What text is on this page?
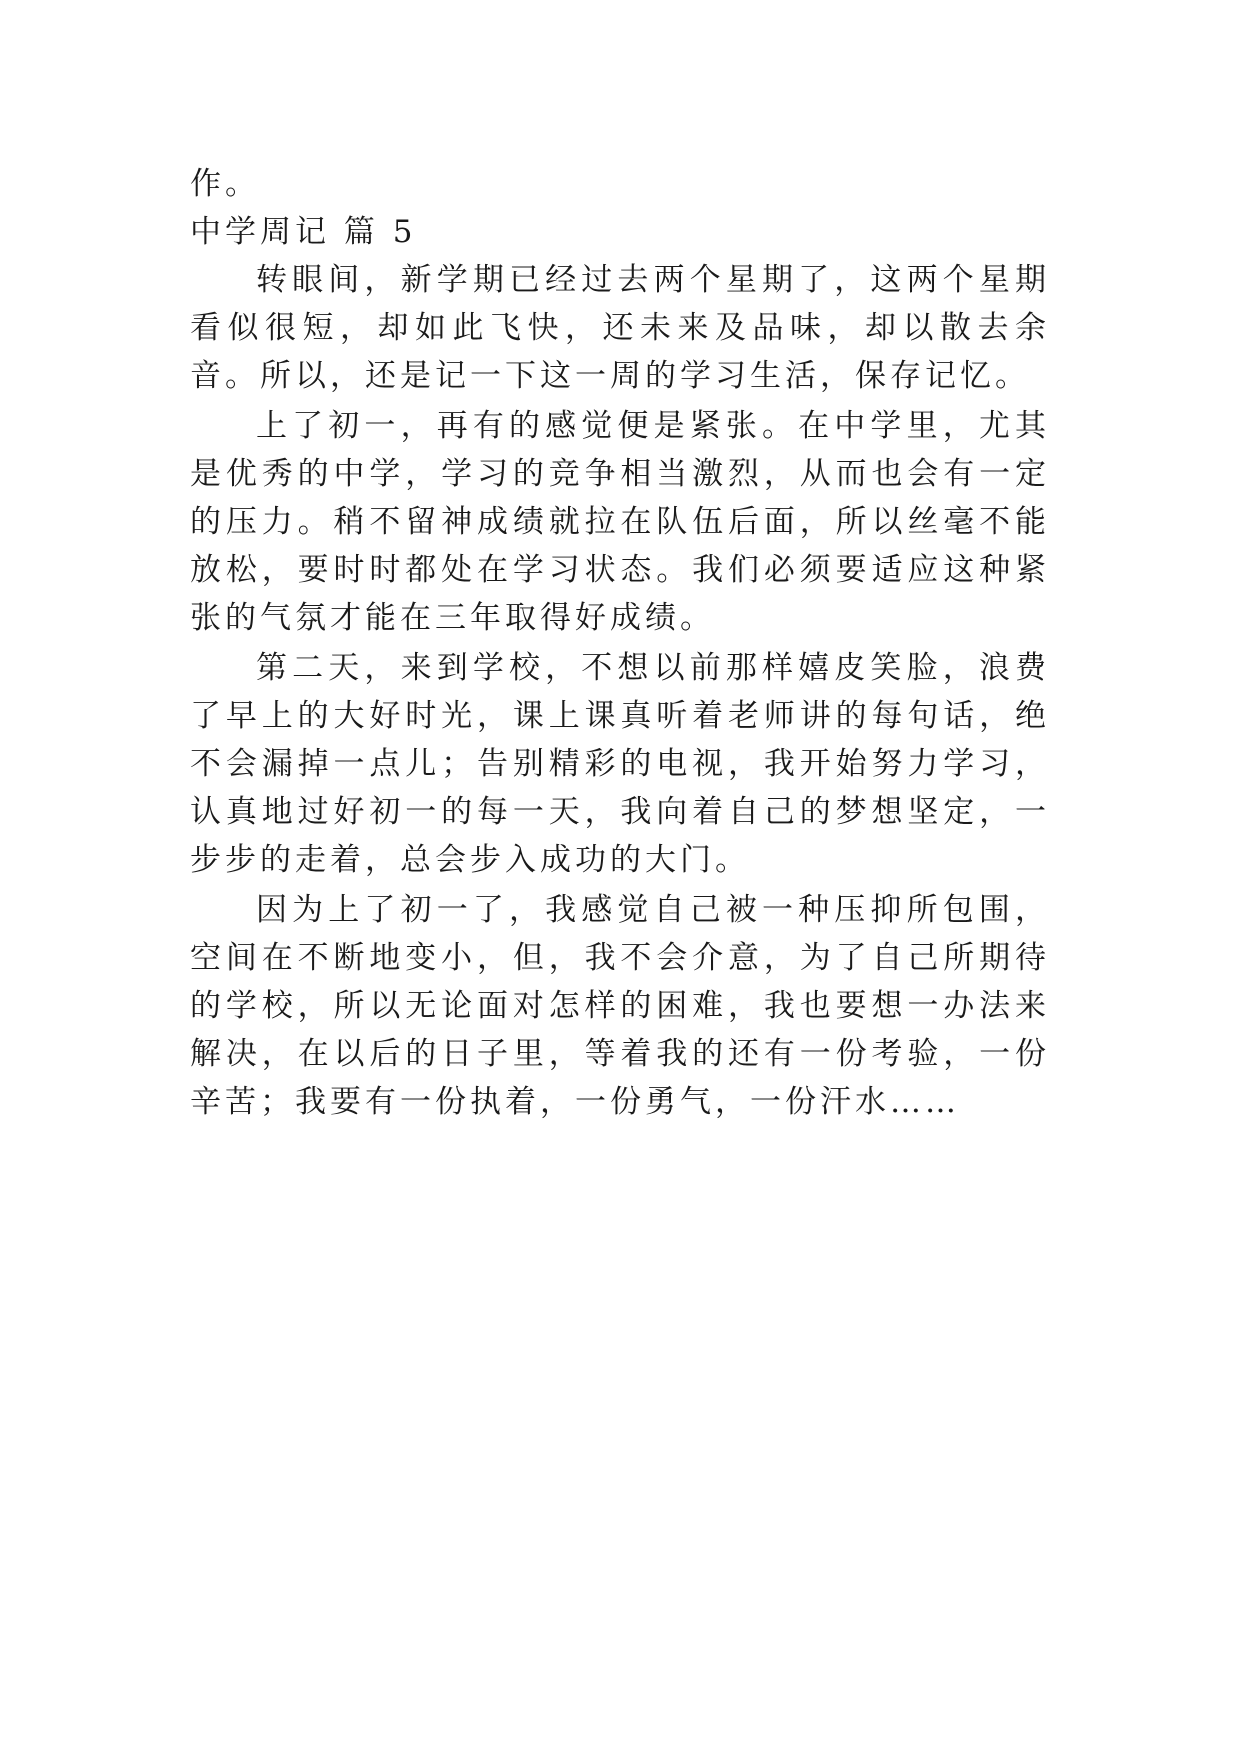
作。

中学周记 篇 5

转眼间，新学期已经过去两个星期了，这两个星期看似很短，却如此飞快，还未来及品味，却以散去余音。所以，还是记一下这一周的学习生活，保存记忆。

上了初一，再有的感觉便是紧张。在中学里，尤其是优秀的中学，学习的竞争相当激烈，从而也会有一定的压力。稍不留神成绩就拉在队伍后面，所以丝毫不能放松，要时时都处在学习状态。我们必须要适应这种紧张的气氛才能在三年取得好成绩。

第二天，来到学校，不想以前那样嬉皮笑脸，浪费了早上的大好时光，课上课真听着老师讲的每句话，绝不会漏掉一点儿；告别精彩的电视，我开始努力学习，认真地过好初一的每一天，我向着自己的梦想坚定，一步步的走着，总会步入成功的大门。

因为上了初一了，我感觉自己被一种压抑所包围，空间在不断地变小，但，我不会介意，为了自己所期待的学校，所以无论面对怎样的困难，我也要想一办法来解决，在以后的日子里，等着我的还有一份考验，一份辛苦；我要有一份执着，一份勇气，一份汗水……
